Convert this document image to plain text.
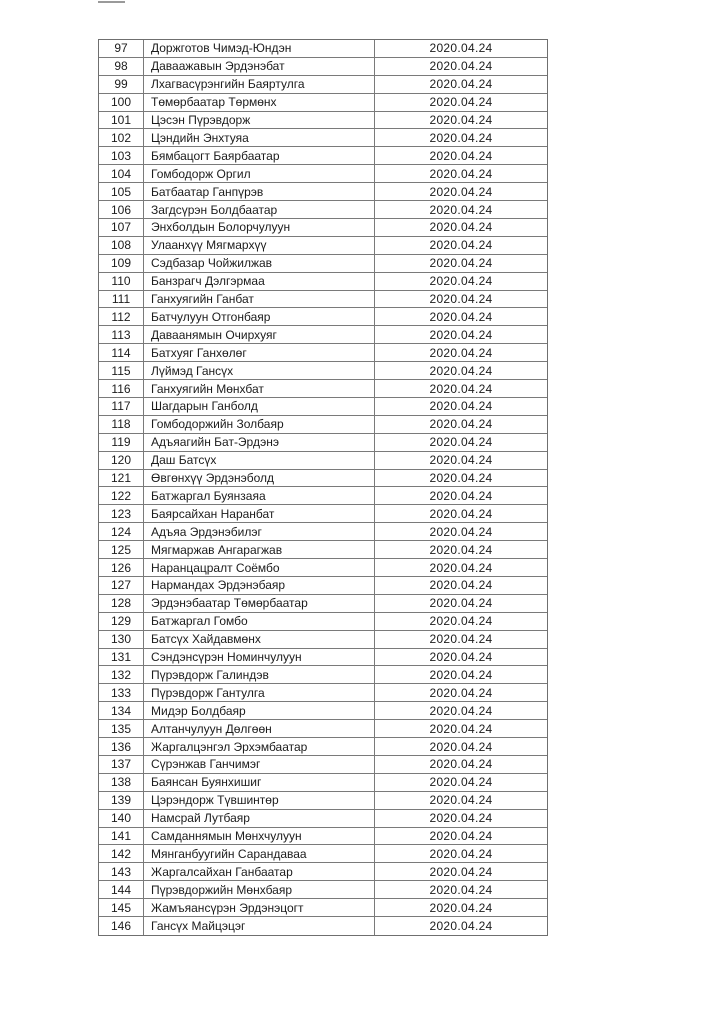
97	Доржготов Чимэд-Юндэн	2020.04.24
98	Даваажавын Эрдэнэбат	2020.04.24
99	Лхагвасүрэнгийн Баяртулга	2020.04.24
100	Төмөрбаатар Төрмөнх	2020.04.24
101	Цэсэн Пүрэвдорж	2020.04.24
102	Цэндийн Энхтуяа	2020.04.24
103	Бямбацогт Баярбаатар	2020.04.24
104	Гомбодорж Оргил	2020.04.24
105	Батбаатар Ганпүрэв	2020.04.24
106	Загдсүрэн Болдбаатар	2020.04.24
107	Энхболдын Болорчулуун	2020.04.24
108	Улаанхүү Мягмархүү	2020.04.24
109	Сэдбазар Чойжилжав	2020.04.24
110	Банзрагч Дэлгэрмаа	2020.04.24
111	Ганхуягийн Ганбат	2020.04.24
112	Батчулуун Отгонбаяр	2020.04.24
113	Даваанямын Очирхуяг	2020.04.24
114	Батхуяг Ганхөлөг	2020.04.24
115	Лүймэд Гансүх	2020.04.24
116	Ганхуягийн Мөнхбат	2020.04.24
117	Шагдарын Ганболд	2020.04.24
118	Гомбодоржийн Золбаяр	2020.04.24
119	Адъяагийн Бат-Эрдэнэ	2020.04.24
120	Даш Батсүх	2020.04.24
121	Өвгөнхүү Эрдэнэболд	2020.04.24
122	Батжаргал Буянзаяа	2020.04.24
123	Баярсайхан Наранбат	2020.04.24
124	Адъяа Эрдэнэбилэг	2020.04.24
125	Мягмаржав Ангарагжав	2020.04.24
126	Наранцацралт Соёмбо	2020.04.24
127	Нармандах Эрдэнэбаяр	2020.04.24
128	Эрдэнэбаатар Төмөрбаатар	2020.04.24
129	Батжаргал Гомбо	2020.04.24
130	Батсүх Хайдавмөнх	2020.04.24
131	Сэндэнсүрэн Номинчулуун	2020.04.24
132	Пүрэвдорж Галиндэв	2020.04.24
133	Пүрэвдорж Гантулга	2020.04.24
134	Мидэр Болдбаяр	2020.04.24
135	Алтанчулуун Дөлгөөн	2020.04.24
136	Жаргалцэнгэл Эрхэмбаатар	2020.04.24
137	Сүрэнжав Ганчимэг	2020.04.24
138	Баянсан Буянхишиг	2020.04.24
139	Цэрэндорж Түвшинтөр	2020.04.24
140	Намсрай Лутбаяр	2020.04.24
141	Самданнямын Мөнхчулуун	2020.04.24
142	Мянганбуугийн Сарандаваа	2020.04.24
143	Жаргалсайхан Ганбаатар	2020.04.24
144	Пүрэвдоржийн Мөнхбаяр	2020.04.24
145	Жамъяансүрэн Эрдэнэцогт	2020.04.24
146	Гансүх Майцэцэг	2020.04.24
